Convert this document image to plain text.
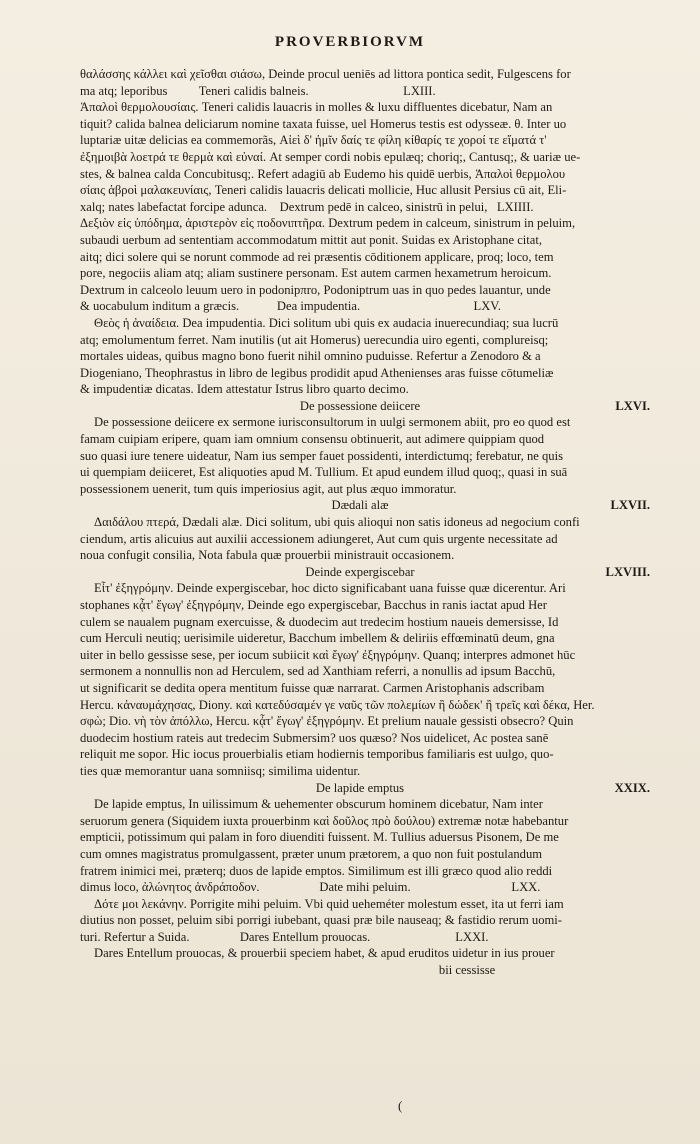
PROVERBIORVM
θαλάσσης κάλλει καὶ χεῖσθαι σιάσω, Deinde procul ueniēs ad littora pontica sedit, Fulgescens for
ma atq; leporibus          Teneri calidis balneis.                              LXIII.
Ἁπαλοὶ θερμολουσίαις. Teneri calidis lauacris in molles & luxu diffluentes dicebatur, Nam an
tiquit? calida balnea deliciarum nomine taxata fuisse, uel Homerus testis est odysseæ. θ. Inter uo
luptariæ uitæ delicias ea commemorãs, Αἰεὶ δ' ἡμῖν δαίς τε φίλη κίθαρίς τε χοροί τε εἵματά τ'
ἐξημοιβὰ λοετρά τε θερμὰ καὶ εὐναί. At semper cordi nobis epulæq; choriq;, Cantusq;, & uariæ ue-
stes, & balnea calda Concubitusq;. Refert adagiū ab Eudemo his quidē uerbis, Ἁπαλοὶ θερμολου
σίαις ἁβροὶ μαλακευνίαις, Teneri calidis lauacris delicati mollicie, Huc allusit Persius cū ait, Eli-
xalq; nates labefactat forcipe adunca.    Dextrum pedē in calceo, sinistrū in pelui,   LXIIII.
Δεξιὸν εἰς ὑπόδημα, ἀριστερὸν εἰς ποδονιπτῆρα. Dextrum pedem in calceum, sinistrum in peluim,
subaudi uerbum ad sententiam accommodatum mittit aut ponit. Suidas ex Aristophane citat,
aitq; dici solere qui se norunt commode ad rei præsentis cōditionem applicare, proq; loco, tem
pore, negociis aliam atq; aliam sustinere personam. Est autem carmen hexametrum heroicum.
Dextrum in calceolo leuum uero in podonipπro, Podoniptrum uas in quo pedes lauantur, unde
& uocabulum inditum a græcis.            Dea impudentia.                                    LXV.
Θεὸς ἡ ἀναίδεια. Dea impudentia. Dici solitum ubi quis ex audacia inuerecundiaq; sua lucrū
atq; emolumentum ferret. Nam inutilis (ut ait Homerus) uerecundia uiro egenti, complureisq;
mortales uideas, quibus magno bono fuerit nihil omnino puduisse. Refertur a Zenodoro & a
Diogeniano, Theophrastus in libro de legibus prodidit apud Athenienses aras fuisse cōtumeliæ
& impudentiæ dicatas. Idem attestatur Istrus libro quarto decimo.
De possessione deiicere	LXVI.
De possessione deiicere ex sermone iurisconsultorum in uulgi sermonem abiit, pro eo quod est
famam cuipiam eripere, quam iam omnium consensu obtinuerit, aut adimere quippiam quod
suo quasi iure tenere uideatur, Nam ius semper fauet possidenti, interdictumq; ferebatur, ne quis
ui quempiam deiiceret, Est aliquoties apud M. Tullium. Et apud eundem illud quoq;, quasi in suā
possessionem uenerit, tum quis imperiosius agit, aut plus æquo immoratur.
Dædali alæ	LXVII.
Δαιδάλου πτερά, Dædali alæ. Dici solitum, ubi quis alioqui non satis idoneus ad negocium confi
ciendum, artis alicuius aut auxilii accessionem adiungeret, Aut cum quis urgente necessitate ad
noua confugit consilia, Nota fabula quæ prouerbii ministrauit occasionem.
Deinde expergiscebar	LXVIII.
Εἶτ' ἐξηγρόμην. Deinde expergiscebar, hoc dicto significabant uana fuisse quæ dicerentur. Ari
stophanes κᾆτ' ἔγωγ' ἐξηγρόμην, Deinde ego expergiscebar, Bacchus in ranis iactat apud Her
culem se naualem pugnam exercuisse, & duodecim aut tredecim hostium naueis demersisse, Id
cum Herculi neutiq; uerisimile uideretur, Bacchum imbellem & deliriis effœminatū deum, gna
uiter in bello gessisse sese, per iocum subiicit καὶ ἔγωγ' ἐξηγρόμην. Quanq; interpres admonet hūc
sermonem a nonnullis non ad Herculem, sed ad Xanthiam referri, a nonullis ad ipsum Bacchū,
ut significarit se dedita opera mentitum fuisse quæ narrarat. Carmen Aristophanis adscribam
Hercu. κἀναυμάχησας, Diony. καὶ κατεδύσαμέν γε ναῦς τῶν πολεμίων ἢ δώδεκ' ἢ τρεῖς καὶ δέκα, Her.
σφὼ; Dio. νὴ τὸν ἀπόλλω, Hercu. κᾆτ' ἔγωγ' ἐξηγρόμην. Et prelium nauale gessisti obsecro? Quin
duodecim hostium rateis aut tredecim Submersim? uos quæso? Nos uidelicet, Ac postea sanē
reliquit me sopor. Hic iocus prouerbialis etiam hodiernis temporibus familiaris est uulgo, quo-
ties quæ memorantur uana somniisq; similima uidentur.
De lapide emptus	XXIX.
De lapide emptus, In uilissimum & uehementer obscurum hominem dicebatur, Nam inter
seruorum genera (Siquidem iuxta prouerbinm καὶ δοῦλος πρὸ δούλου) extremæ notæ habebantur
empticii, potissimum qui palam in foro diuenditi fuissent. M. Tullius aduersus Pisonem, De me
cum omnes magistratus promulgassent, præter unum prætorem, a quo non fuit postulandum
fratrem inimici mei, præterq; duos de lapide emptos. Similimum est illi græco quod alio reddi
dimus loco, ἀλώνητος ἀνδράποδον.                   Date mihi peluim.                                LXX.
Δότε μοι λεκάνην. Porrigite mihi peluim. Vbi quid ueheméter molestum esset, ita ut ferri iam
diutius non posset, peluim sibi porrigi iubebant, quasi præ bile nauseaq; & fastidio rerum uomi-
turi. Refertur a Suida.                Dares Entellum prouocas.                           LXXI.
Dares Entellum prouocas, & prouerbii speciem habet, & apud eruditos uidetur in ius prouer
bii cessisse
(
